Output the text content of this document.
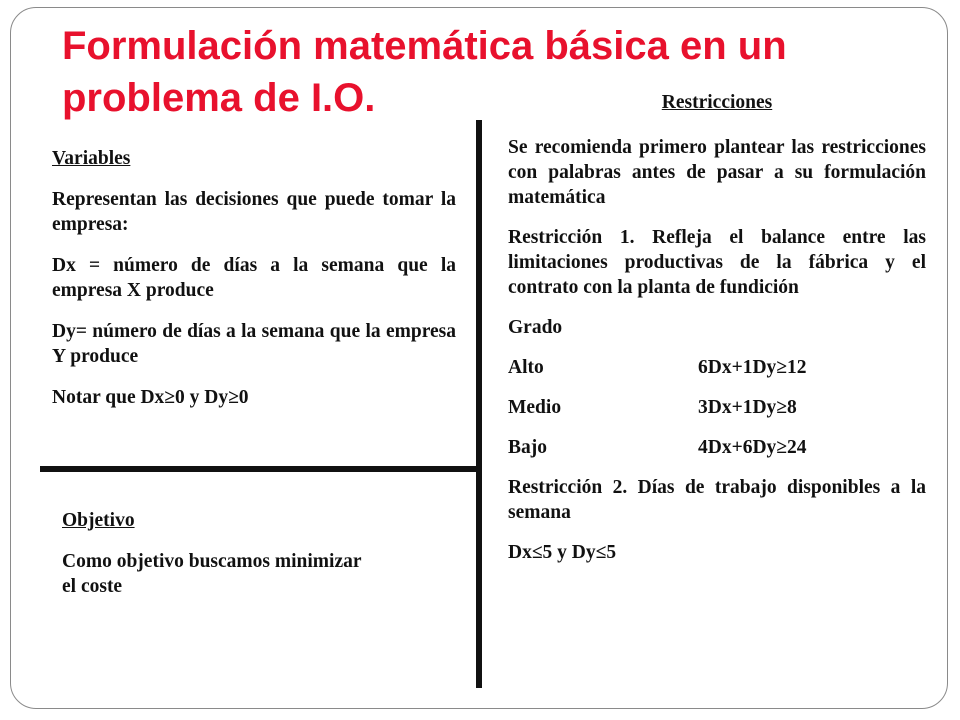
Formulación matemática básica en un problema de I.O.

Variables

Representan las decisiones que puede tomar la empresa:

Dx = número de días a la semana que la empresa X produce

Dy= número de días a la semana que la empresa Y produce

Notar que Dx≥0 y Dy≥0

Objetivo

Como objetivo buscamos minimizar el coste

Restricciones

Se recomienda primero plantear las restricciones con palabras antes de pasar a su formulación matemática

Restricción 1. Refleja el balance entre las limitaciones productivas de la fábrica y el contrato con la planta de fundición

Grado

Alto	6Dx+1Dy≥12
Medio	3Dx+1Dy≥8
Bajo	4Dx+6Dy≥24

Restricción 2. Días de trabajo disponibles a la semana

Dx≤5 y Dy≤5
